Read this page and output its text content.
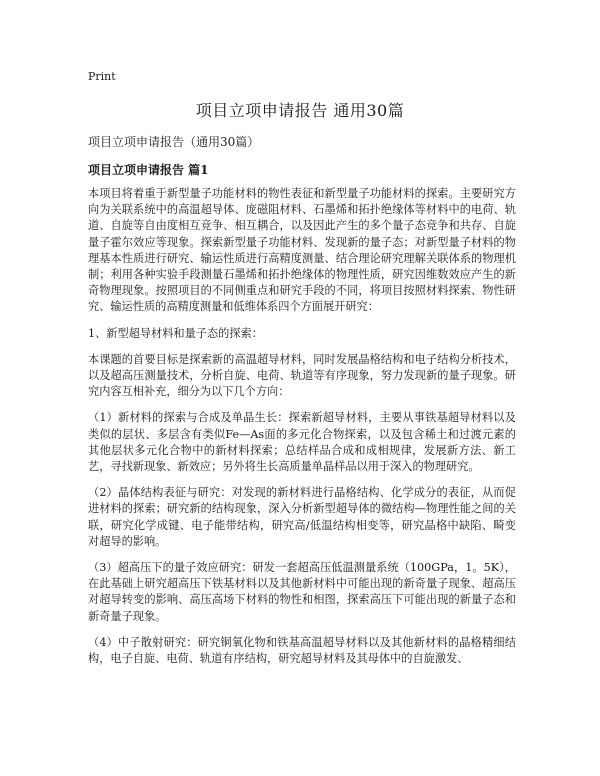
Print
项目立项申请报告 通用30篇
项目立项申请报告（通用30篇）
项目立项申请报告 篇1

本项目将着重于新型量子功能材料的物性表征和新型量子功能材料的探索。主要研究方向为关联系统中的高温超导体、庞磁阻材料、石墨烯和拓扑绝缘体等材料中的电荷、轨道、自旋等自由度相互竞争、相互耦合，以及因此产生的多个量子态竞争和共存、自旋量子霍尔效应等现象。探索新型量子功能材料、发现新的量子态；对新型量子材料的物理基本性质进行研究、输运性质进行高精度测量、结合理论研究理解关联体系的物理机制；利用各种实验手段测量石墨烯和拓扑绝缘体的物理性质，研究因维数效应产生的新奇物理现象。按照项目的不同侧重点和研究手段的不同，将项目按照材料探索、物性研究、输运性质的高精度测量和低维体系四个方面展开研究：

1、新型超导材料和量子态的探索：

本课题的首要目标是探索新的高温超导材料，同时发展晶格结构和电子结构分析技术，以及超高压测量技术，分析自旋、电荷、轨道等有序现象，努力发现新的量子现象。研究内容互相补充，细分为以下几个方向：

（1）新材料的探索与合成及单晶生长：探索新超导材料，主要从事铁基超导材料以及类似的层状、多层含有类似Fe—As面的多元化合物探索，以及包含稀土和过渡元素的其他层状多元化合物中的新材料探索；总结样品合成和成相规律，发展新方法、新工艺，寻找新现象、新效应；另外将生长高质量单晶样品以用于深入的物理研究。

（2）晶体结构表征与研究：对发现的新材料进行晶格结构、化学成分的表征，从而促进材料的探索；研究新的结构现象，深入分析新型超导体的微结构—物理性能之间的关联，研究化学成键、电子能带结构，研究高/低温结构相变等，研究晶格中缺陷、畸变对超导的影响。

（3）超高压下的量子效应研究：研发一套超高压低温测量系统（100GPa，1。5K），在此基础上研究超高压下铁基材料以及其他新材料中可能出现的新奇量子现象、超高压对超导转变的影响、高压高场下材料的物性和相图，探索高压下可能出现的新量子态和新奇量子现象。

（4）中子散射研究：研究铜氧化物和铁基高温超导材料以及其他新材料的晶格精细结构，电子自旋、电荷、轨道有序结构，研究超导材料及其母体中的自旋激发、
